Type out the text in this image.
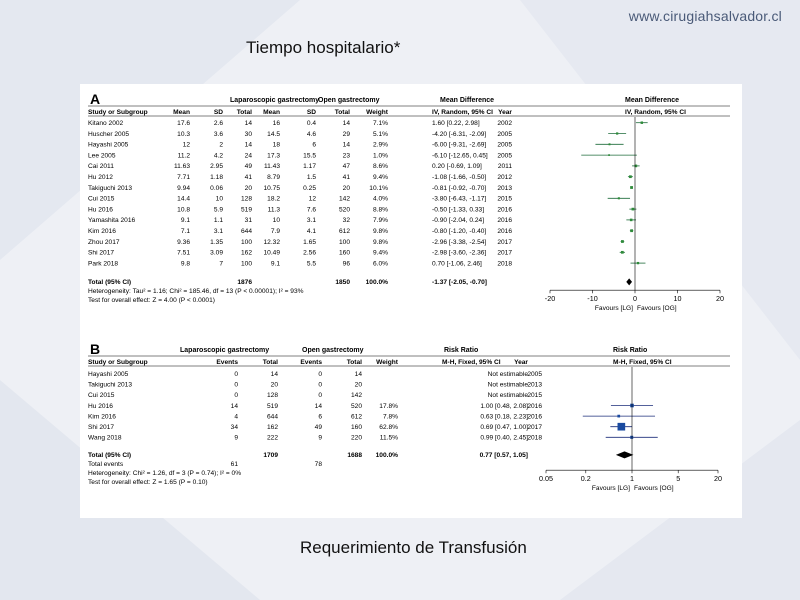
www.cirugiahsalvador.cl
Tiempo hospitalario*
A	Laparoscopic gastrectomy
Open gastrectomy	Mean Difference	Mean Difference
Study or Subgroup	Mean	SD Total Mean	SD	Total Weight	IV, Random, 95% CI Year	IV, Random, 95% CI
Kitano 2002	17.6	2.6	14	16	0.4	14	7.1%	1.60 [0.22, 2.98]	2002
Huscher 2005	10.3	3.6	30 14.5	4.6	29	5.1%	-4.20 [-6.31, -2.09] 2005
Hayashi 2005	12	2	14	18	6	14	2.9%	-6.00 [-9.31, -2.69] 2005
Lee 2005	11.2	4.2	24 17.3	15.5	23	1.0%	-6.10 [-12.65, 0.45] 2005
Cai 2011	11.63	2.95	49 11.43	1.17	47	8.6%	0.20 [-0.69, 1.09] 2011
Hu 2012	7.71	1.18	41 8.79	1.5	41	9.4%	-1.08 [-1.66, -0.50] 2012
Takiguchi 2013	9.94	0.06	20 10.75	0.25	20	10.1%	-0.81 [-0.92, -0.70] 2013
Cui 2015	14.4	10	128 18.2	12	142	4.0%	-3.80 [-6.43, -1.17] 2015
Hu 2016	10.8	5.9	519 11.3	7.6	520	8.8%	-0.50 [-1.33, 0.33] 2016
Yamashita 2016	9.1	1.1	31	10	3.1	32	7.9%	-0.90 [-2.04, 0.24] 2016
Kim 2016	7.1	3.1	644	7.9	4.1	612	9.8%	-0.80 [-1.20, -0.40] 2016
Zhou 2017	9.36	1.35	100 12.32	1.65	100	9.8%	-2.96 [-3.38, -2.54] 2017
Shi 2017	7.51	3.09	162 10.49	2.56	160	9.4%	-2.98 [-3.60, -2.36] 2017
Park 2018	9.8	7	100	9.1	5.5	96	6.0%	0.70 [-1.06, 2.46] 2018
Total (95% CI)	1876	1850 100.0%	-1.37 [-2.05, -0.70]
Heterogeneity: Tau² = 1.16; Chi² = 185.46, df = 13 (P < 0.00001); I² = 93%
Test for overall effect: Z = 4.00 (P < 0.0001)	-20	-10	0	10	20
Favours [LG] Favours [OG]
B	Laparoscopic gastrectomy	Open gastrectomy	Risk Ratio	Risk Ratio
Study or Subgroup	Events	Total	Events	Total Weight	M-H, Fixed, 95% CI Year	M-H, Fixed, 95% CI
Hayashi 2005	0	14	0	14	Not estimable 2005
Takiguchi 2013	0	20	0	20	Not estimable 2013
Cui 2015	0	128	0	142	Not estimable 2015
Hu 2016	14	519	14	520	17.8%	1.00 [0.48, 2.08] 2016
Kim 2016	4	644	6	612	7.8%	0.63 [0.18, 2.23] 2016
Shi 2017	34	162	49	160	62.8%	0.69 [0.47, 1.00] 2017
Wang 2018	9	222	9	220	11.5%	0.99 [0.40, 2.45] 2018
Total (95% CI)	1709	1688 100.0%	0.77 [0.57, 1.05]
Total events	61	78
Heterogeneity: Chi² = 1.26, df = 3 (P = 0.74); I² = 0%
Test for overall effect: Z = 1.65 (P = 0.10)	0.05	0.2	1	5	20
Favours [LG] Favours [OG]
Requerimiento de Transfusión
